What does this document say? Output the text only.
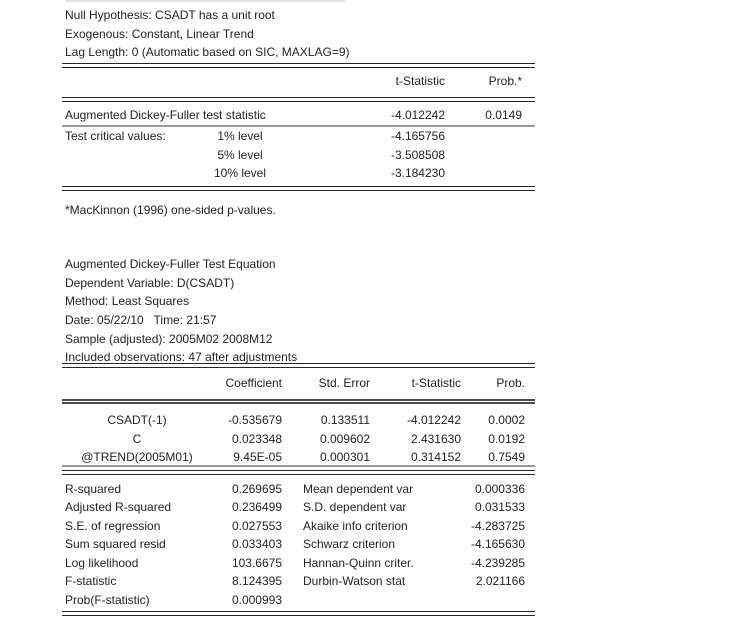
Null Hypothesis: CSADT has a unit root
Exogenous: Constant, Linear Trend
Lag Length: 0 (Automatic based on SIC, MAXLAG=9)
t-Statistic	Prob.*
Augmented Dickey-Fuller test statistic	-4.012242	0.0149
Test critical values:	1% level	-4.165756
5% level	-3.508508
10% level	-3.184230
*MacKinnon (1996) one-sided p-values.
Augmented Dickey-Fuller Test Equation
Dependent Variable: D(CSADT)
Method: Least Squares
Date: 05/22/10   Time: 21:57
Sample (adjusted): 2005M02 2008M12
Included observations: 47 after adjustments
Coefficient	Std. Error	t-Statistic	Prob.
CSADT(-1)	-0.535679	0.133511	-4.012242 0.0002
C	0.023348	0.009602	2.431630 0.0192
@TREND(2005M01)	9.45E-05	0.000301	0.314152 0.7549
R-squared	0.269695 Mean dependent var	0.000336
Adjusted R-squared	0.236499 S.D. dependent var	0.031533
S.E. of regression	0.027553 Akaike info criterion	-4.283725
Sum squared resid	0.033403 Schwarz criterion	-4.165630
Log likelihood	103.6675 Hannan-Quinn criter.	-4.239285
F-statistic	8.124395 Durbin-Watson stat	2.021166
Prob(F-statistic)	0.000993
